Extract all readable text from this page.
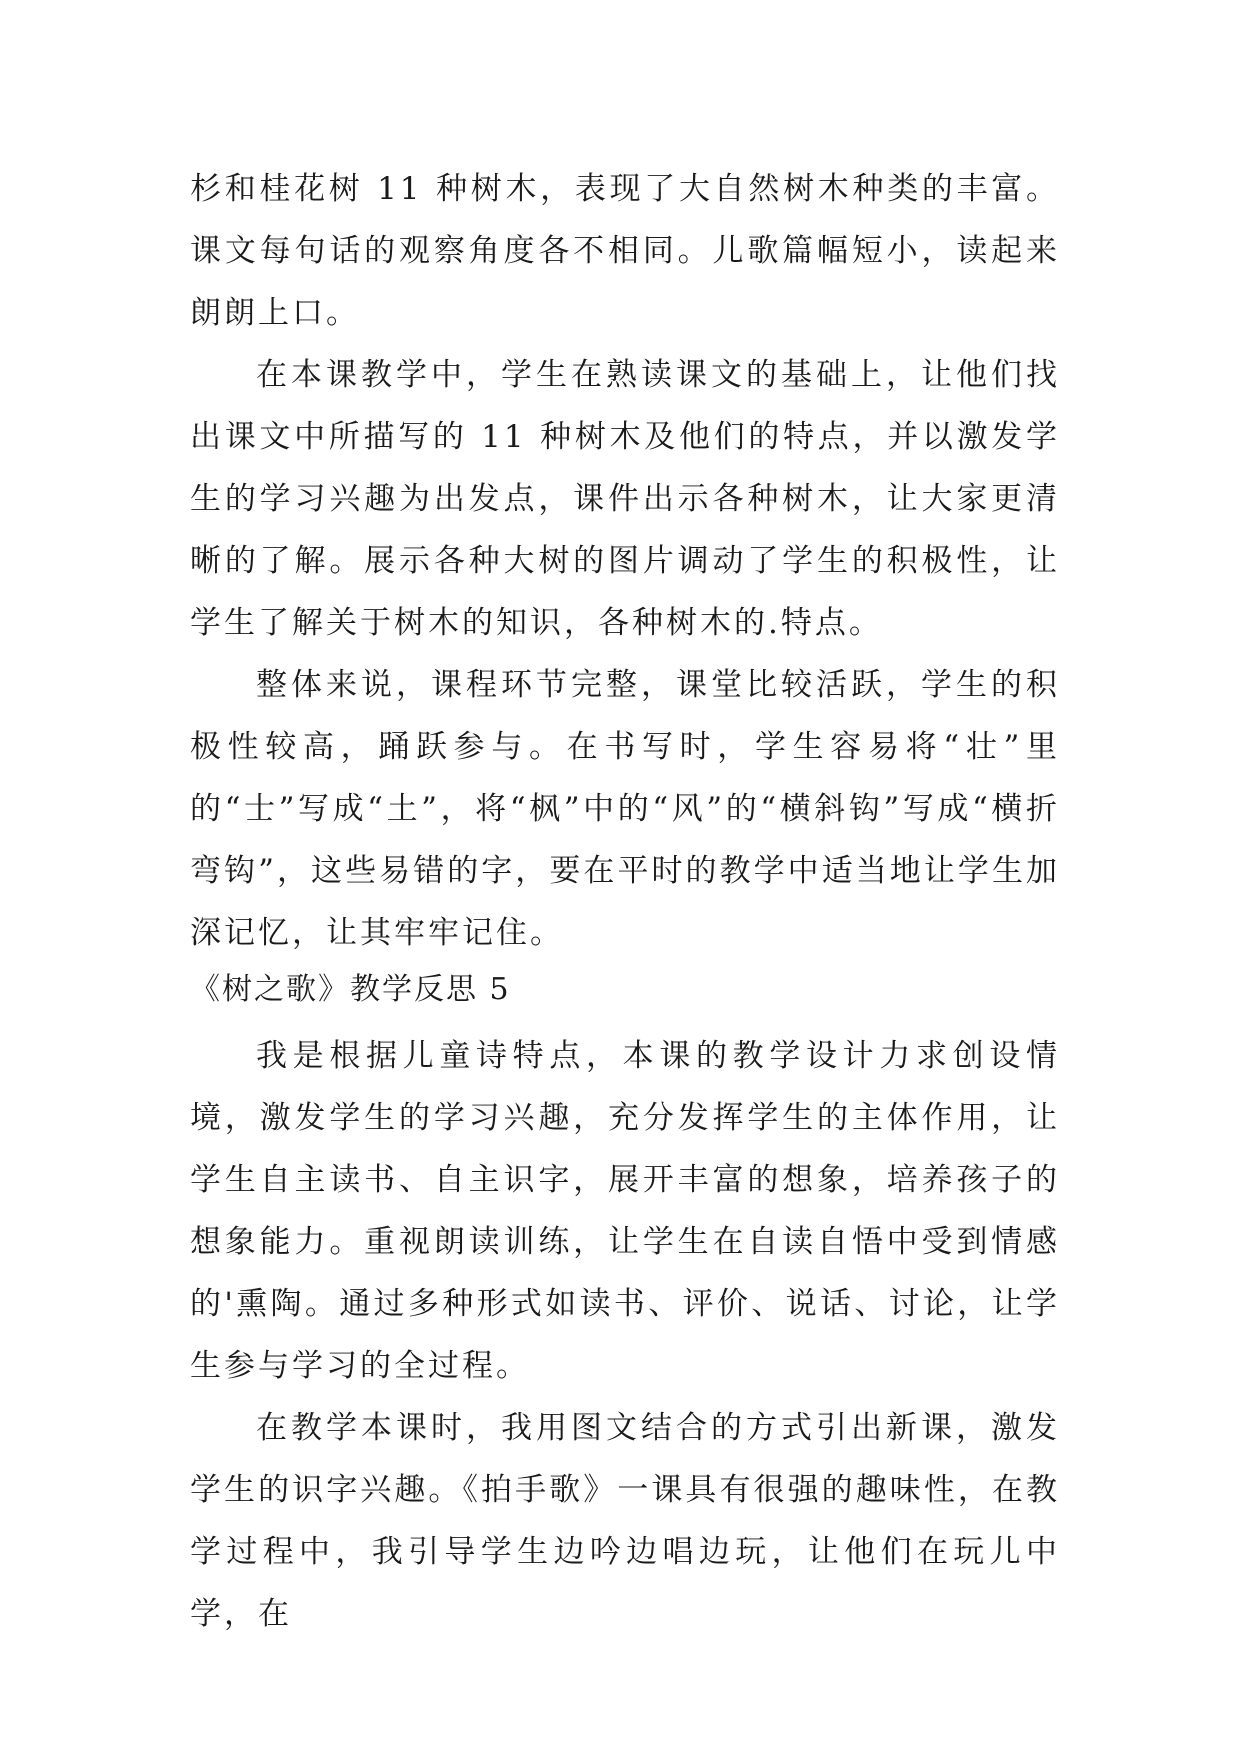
杉和桂花树 11 种树木，表现了大自然树木种类的丰富。课文每句话的观察角度各不相同。儿歌篇幅短小，读起来朗朗上口。

在本课教学中，学生在熟读课文的基础上，让他们找出课文中所描写的 11 种树木及他们的特点，并以激发学生的学习兴趣为出发点，课件出示各种树木，让大家更清晰的了解。展示各种大树的图片调动了学生的积极性，让学生了解关于树木的知识，各种树木的.特点。

整体来说，课程环节完整，课堂比较活跃，学生的积极性较高，踊跃参与。在书写时，学生容易将“壮”里的“士”写成“土”，将“枫”中的“风”的“横斜钩”写成“横折弯钩”，这些易错的字，要在平时的教学中适当地让学生加深记忆，让其牢牢记住。

《树之歌》教学反思 5

我是根据儿童诗特点，本课的教学设计力求创设情境，激发学生的学习兴趣，充分发挥学生的主体作用，让学生自主读书、自主识字，展开丰富的想象，培养孩子的想象能力。重视朗读训练，让学生在自读自悟中受到情感的'熏陶。通过多种形式如读书、评价、说话、讨论，让学生参与学习的全过程。

在教学本课时，我用图文结合的方式引出新课，激发学生的识字兴趣。《拍手歌》一课具有很强的趣味性，在教学过程中，我引导学生边吟边唱边玩，让他们在玩儿中学，在
